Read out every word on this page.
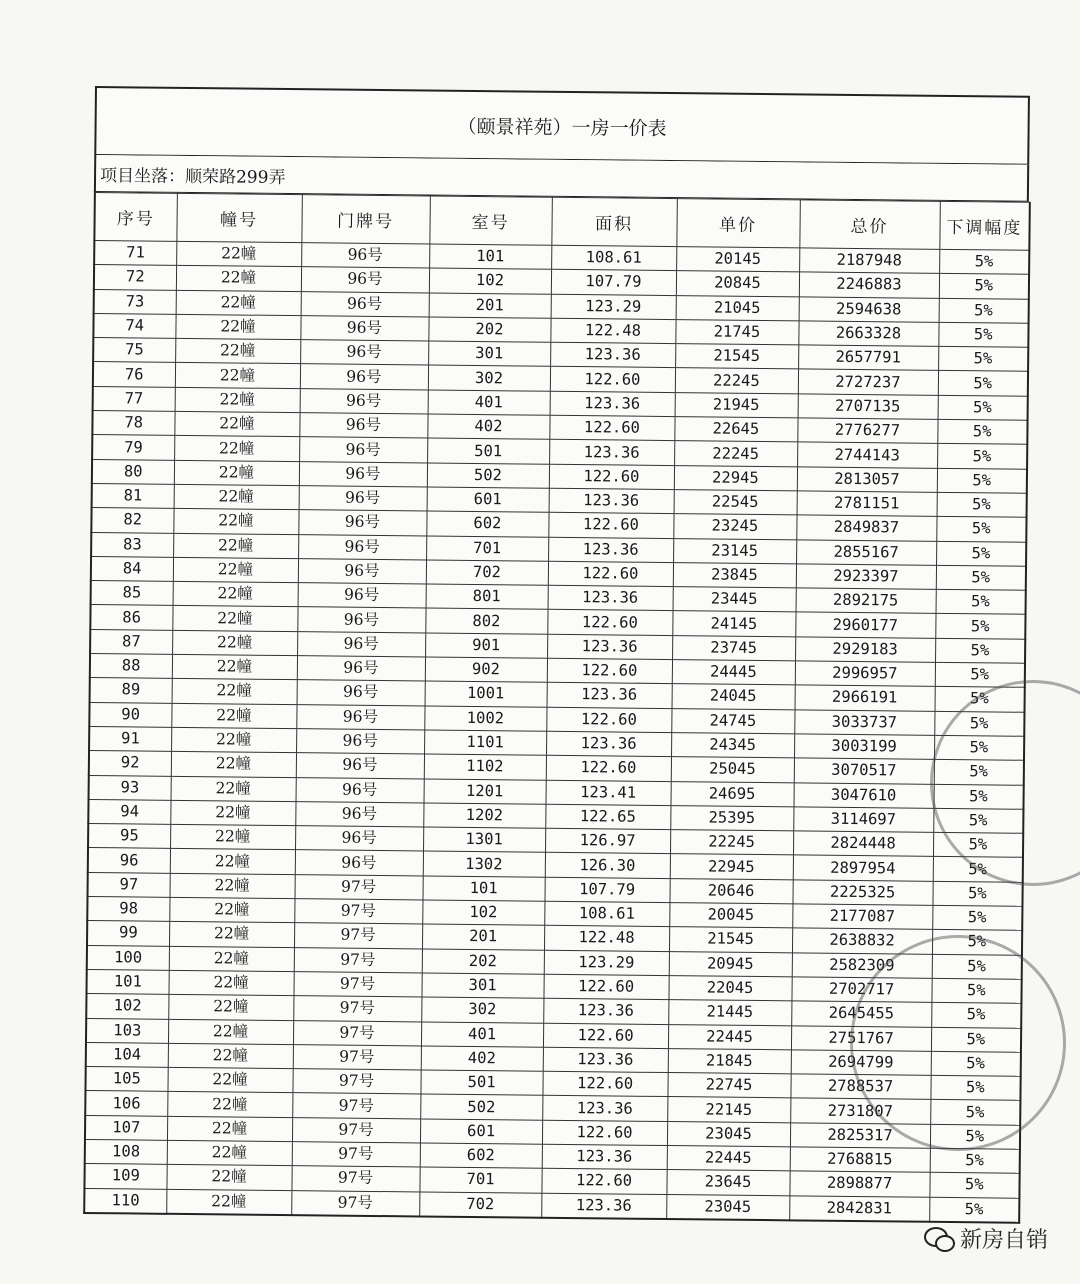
（颐景祥苑）一房一价表
项目坐落：顺荣路299弄
序号	幢号	门牌号	室号	面积	单价	总价	下调幅度
71	22幢	96号	101	108.61	20145	2187948	5%
72	22幢	96号	102	107.79	20845	2246883	5%
73	22幢	96号	201	123.29	21045	2594638	5%
74	22幢	96号	202	122.48	21745	2663328	5%
75	22幢	96号	301	123.36	21545	2657791	5%
76	22幢	96号	302	122.60	22245	2727237	5%
77	22幢	96号	401	123.36	21945	2707135	5%
78	22幢	96号	402	122.60	22645	2776277	5%
79	22幢	96号	501	123.36	22245	2744143	5%
80	22幢	96号	502	122.60	22945	2813057	5%
81	22幢	96号	601	123.36	22545	2781151	5%
82	22幢	96号	602	122.60	23245	2849837	5%
83	22幢	96号	701	123.36	23145	2855167	5%
84	22幢	96号	702	122.60	23845	2923397	5%
85	22幢	96号	801	123.36	23445	2892175	5%
86	22幢	96号	802	122.60	24145	2960177	5%
87	22幢	96号	901	123.36	23745	2929183	5%
88	22幢	96号	902	122.60	24445	2996957	5%
89	22幢	96号	1001	123.36	24045	2966191	5%
90	22幢	96号	1002	122.60	24745	3033737	5%
91	22幢	96号	1101	123.36	24345	3003199	5%
92	22幢	96号	1102	122.60	25045	3070517	5%
93	22幢	96号	1201	123.41	24695	3047610	5%
94	22幢	96号	1202	122.65	25395	3114697	5%
95	22幢	96号	1301	126.97	22245	2824448	5%
96	22幢	96号	1302	126.30	22945	2897954	5%
97	22幢	97号	101	107.79	20646	2225325	5%
98	22幢	97号	102	108.61	20045	2177087	5%
99	22幢	97号	201	122.48	21545	2638832	5%
100	22幢	97号	202	123.29	20945	2582309	5%
101	22幢	97号	301	122.60	22045	2702717	5%
102	22幢	97号	302	123.36	21445	2645455	5%
103	22幢	97号	401	122.60	22445	2751767	5%
104	22幢	97号	402	123.36	21845	2694799	5%
105	22幢	97号	501	122.60	22745	2788537	5%
106	22幢	97号	502	123.36	22145	2731807	5%
107	22幢	97号	601	122.60	23045	2825317	5%
108	22幢	97号	602	123.36	22445	2768815	5%
109	22幢	97号	701	122.60	23645	2898877	5%
110	22幢	97号	702	123.36	23045	2842831	5%
新房自销
